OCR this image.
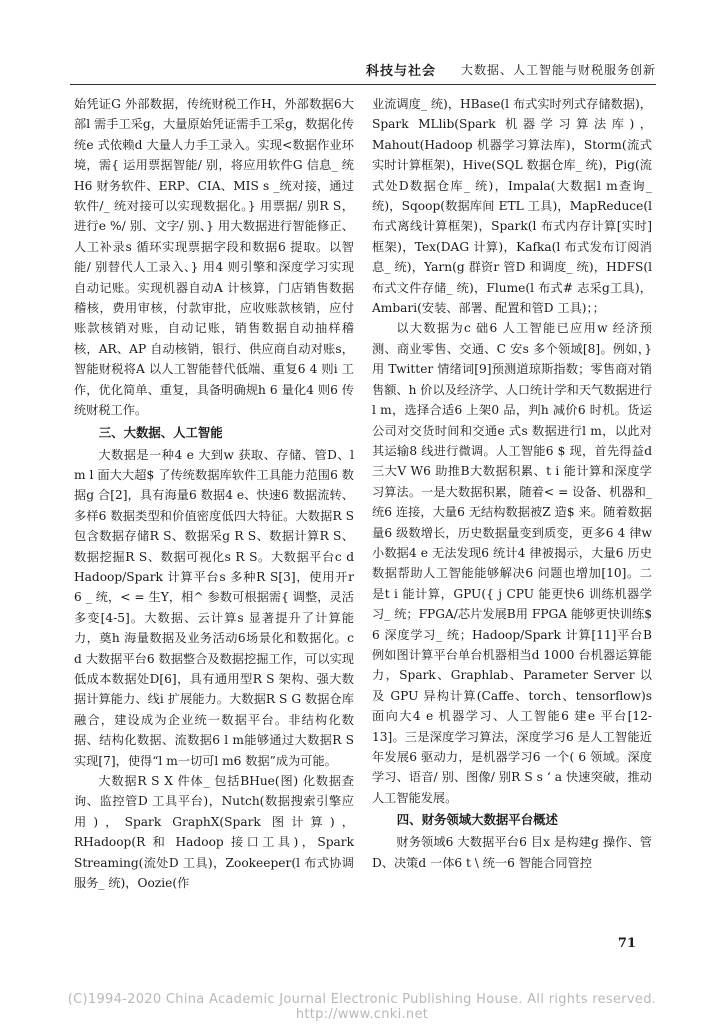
科技与社会 大数据、人工智能与财税服务创新

始凭证G 外部数据，传统财税工作H，外部数据6大部l 需手工采g，大量原始凭证需手工采g，数据化传统e 式依赖d 大量人力手工录入。实现<数据作业环境，需{ 运用票据智能/ 别，将应用软件G 信息_ 统H6 财务软件、ERP、CIA、MIS s _统对接，通过软件/_ 统对接可以实现数据化。} 用票据/ 别R S，进行e %/ 别、文字/ 别、} 用大数据进行智能修正、人工补录s 循环实现票据字段和数据6 提取。以智能/ 别替代人工录入、} 用4 则引擎和深度学习实现自动记账。实现机器自动A 计核算，门店销售数据稽核，费用审核，付款审批，应收账款核销，应付账款核销对账，自动记账，销售数据自动抽样稽核，AR、AP 自动核销，银行、供应商自动对账s，智能财税将A 以人工智能替代低端、重复6 4 则i 工作，优化简单、重复，具备明确规h 6 量化4 则6 传统财税工作。

三、大数据、人工智能

大数据是一种4 e 大到w 获取、存储、管D、l m l 面大大超$ 了传统数据库软件工具能力范围6 数据g 合[2]，具有海量6 数据4 e、快速6 数据流转、多样6 数据类型和价值密度低四大特征。大数据R S 包含数据存储R S、数据采g R S、数据计算R S、数据挖掘R S、数据可视化s R S。大数据平台c d Hadoop/Spark 计算平台s 多种R S[3]，使用开r 6 _ 统，< = 生Y，相^ 参数可根据需{ 调整，灵活多变[4-5]。大数据、云计算s 显著提升了计算能力，奠h 海量数据及业务活动6场景化和数据化。c d 大数据平台6 数据整合及数据挖掘工作，可以实现低成本数据处D[6]，具有通用型R S 架构、强大数据计算能力、线i 扩展能力。大数据R S G 数据仓库融合，建设成为企业统一数据平台。非结构化数据、结构化数据、流数据6 l m能够通过大数据R S 实现[7]，使得“l m一切可l m6 数据”成为可能。

大数据R S X 件体_ 包括BHue(图) 化数据查询、监控管D 工具平台)，Nutch(数据搜索引擎应用)，Spark GraphX(Spark 图计算)，RHadoop(R 和 Hadoop 接口工具)，Spark Streaming(流处D 工具)，Zookeeper(l 布式协调服务_ 统)，Oozie(作

业流调度_ 统)，HBase(l 布式实时列式存储数据)，Spark MLlib(Spark 机器学习算法库)，Mahout(Hadoop 机器学习算法库)，Storm(流式实时计算框架)，Hive(SQL 数据仓库_ 统)，Pig(流式处D数据仓库_ 统)，Impala(大数据l m查询_ 统)，Sqoop(数据库间 ETL 工具)，MapReduce(l 布式离线计算框架)，Spark(l 布式内存计算[实时]框架)，Tex(DAG 计算)，Kafka(l 布式发布订阅消息_ 统)，Yarn(g 群资r 管D 和调度_ 统)，HDFS(l 布式文件存储_ 统)，Flume(l 布式# 志采g工具)，Ambari(安装、部署、配置和管D 工具)；；

以大数据为c 础6 人工智能已应用w 经济预测、商业零售、交通、C 安s 多个领域[8]。例如，} 用 Twitter 情绪词[9]预测道琼斯指数；零售商对销售额、h 价以及经济学、人口统计学和天气数据进行l m，选择合适6 上架0 品，判h 减价6 时机。货运公司对交货时间和交通e 式s 数据进行l m，以此对其运输8 线进行微调。人工智能6 $ 现，首先得益d 三大V W6 助推B大数据积累、t i 能计算和深度学习算法。一是大数据积累，随着< = 设备、机器和_ 统6 连接，大量6 无结构数据被Z 造$ 来。随着数据量6 级数增长，历史数据量变到质变，更多6 4 律w 小数据4 e 无法发现6 统计4 律被揭示，大量6 历史数据帮助人工智能能够解决6 问题也增加[10]。二是t i 能计算，GPU({ j CPU 能更快6 训练机器学习_ 统；FPGA/芯片发展B用 FPGA 能够更快训练$ 6 深度学习_ 统；Hadoop/Spark 计算[11]平台B例如图计算平台单台机器相当d 1000 台机器运算能力，Spark、Graphlab、Parameter Server 以及 GPU 异构计算(Caffe、torch、tensorflow)s 面向大4 e 机器学习、人工智能6 建e 平台[12-13]。三是深度学习算法，深度学习6 是人工智能近年发展6 驱动力，是机器学习6 一个( 6 领域。深度学习、语音/ 别、图像/ 别R S s ‘ a 快速突破，推动人工智能发展。

四、财务领域大数据平台概述

财务领域6 大数据平台6 目x 是构建g 操作、管D、决策d 一体6 t \ 统一6 智能合同管控

71
(C)1994-2020 China Academic Journal Electronic Publishing House. All rights reserved. http://www.cnki.net
